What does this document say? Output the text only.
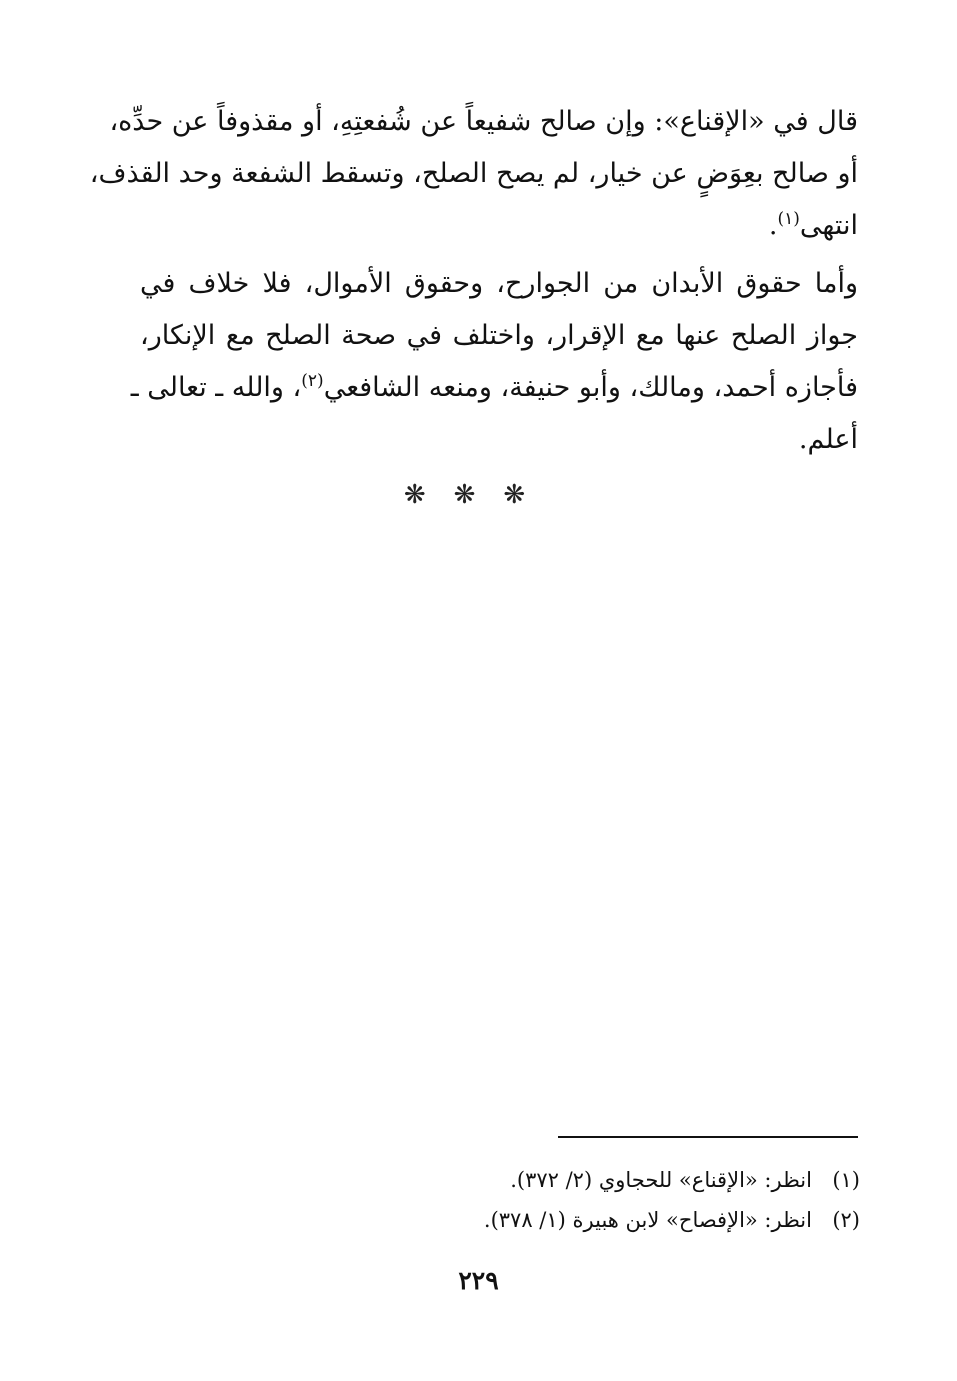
قال في «الإقناع»: وإن صالح شفيعاً عن شُفعتِهِ، أو مقذوفاً عن حدِّه،
أو صالح بعِوَضٍ عن خيار، لم يصح الصلح، وتسقط الشفعة وحد القذف،
انتهى$^{(١)}$.
وأما حقوق الأبدان من الجوارح، وحقوق الأموال، فلا خلاف في
جواز الصلح عنها مع الإقرار، واختلف في صحة الصلح مع الإنكار،
فأجازه أحمد، ومالك، وأبو حنيفة، ومنعه الشافعي$^{(٢)}$، والله ـ تعالى ـ
أعلم.
❋❋❋
(١)انظر: «الإقناع» للحجاوي (٢/ ٣٧٢).
(٢)انظر: «الإفصاح» لابن هبيرة (١/ ٣٧٨).
٢٢٩
